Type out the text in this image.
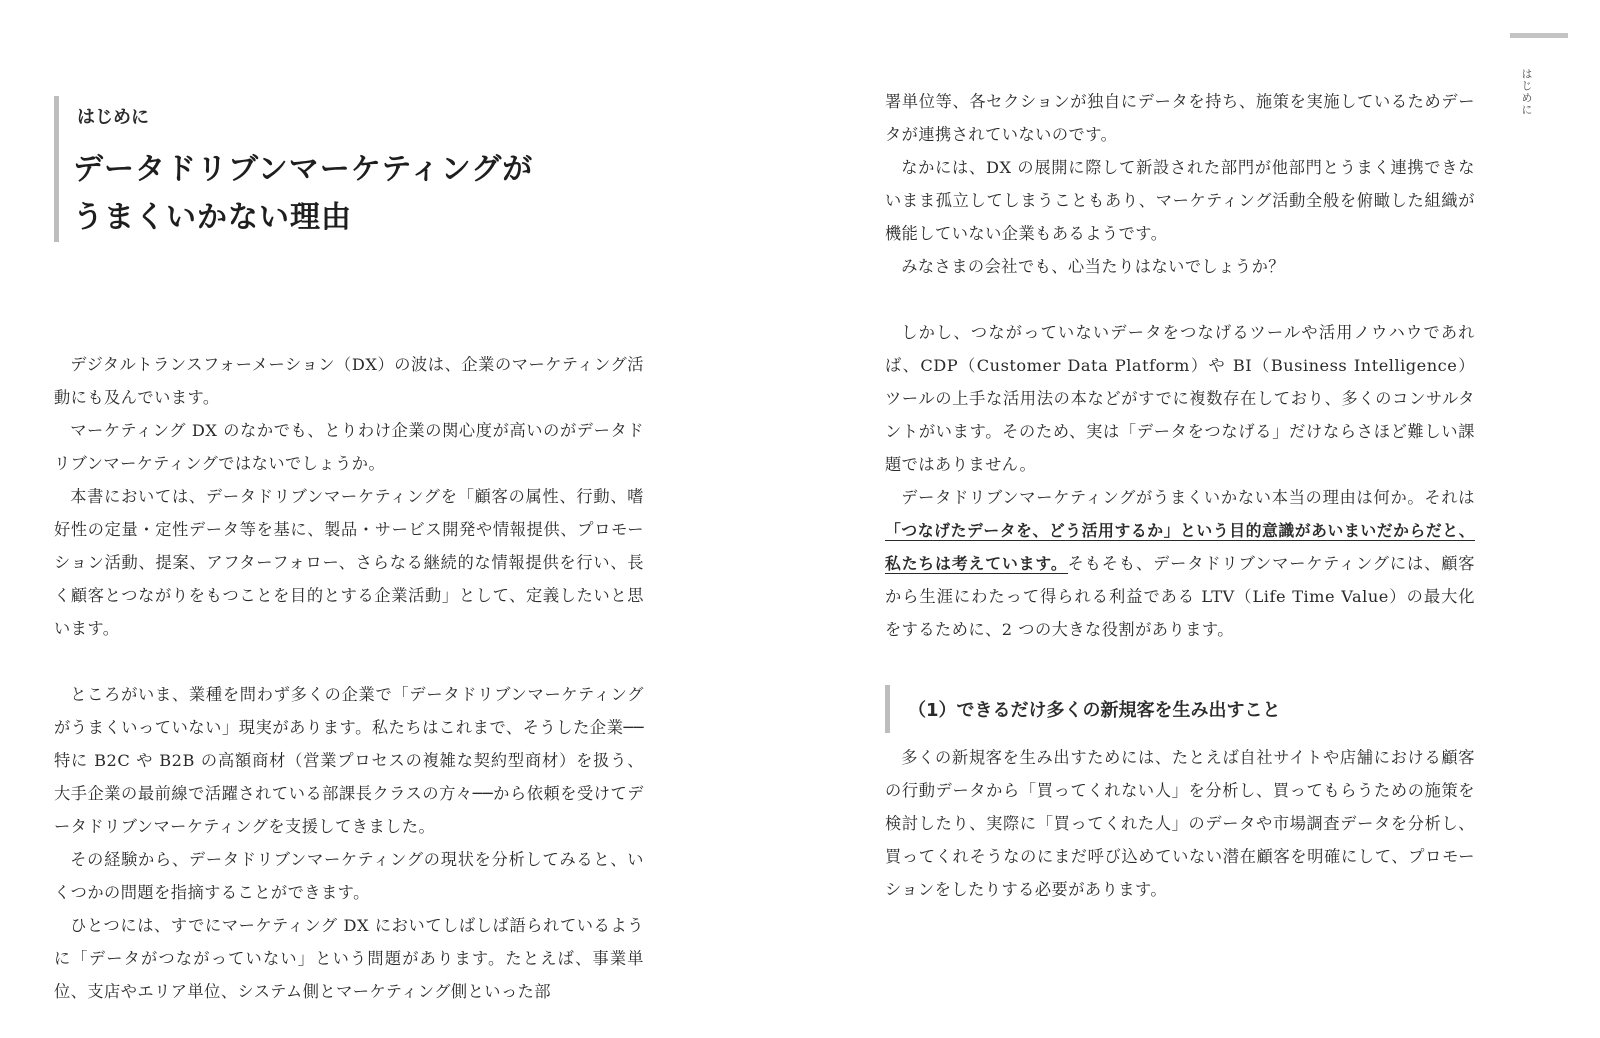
はじめに
データドリブンマーケティングが
うまくいかない理由

デジタルトランスフォーメーション（DX）の波は、企業のマーケティング活動にも及んでいます。

マーケティング DX のなかでも、とりわけ企業の関心度が高いのがデータドリブンマーケティングではないでしょうか。

本書においては、データドリブンマーケティングを「顧客の属性、行動、嗜好性の定量・定性データ等を基に、製品・サービス開発や情報提供、プロモーション活動、提案、アフターフォロー、さらなる継続的な情報提供を行い、長く顧客とつながりをもつことを目的とする企業活動」として、定義したいと思います。

ところがいま、業種を問わず多くの企業で「データドリブンマーケティングがうまくいっていない」現実があります。私たちはこれまで、そうした企業──特に B2C や B2B の高額商材（営業プロセスの複雑な契約型商材）を扱う、大手企業の最前線で活躍されている部課長クラスの方々──から依頼を受けてデータドリブンマーケティングを支援してきました。

その経験から、データドリブンマーケティングの現状を分析してみると、いくつかの問題を指摘することができます。

ひとつには、すでにマーケティング DX においてしばしば語られているように「データがつながっていない」という問題があります。たとえば、事業単位、支店やエリア単位、システム側とマーケティング側といった部

署単位等、各セクションが独自にデータを持ち、施策を実施しているためデータが連携されていないのです。

なかには、DX の展開に際して新設された部門が他部門とうまく連携できないまま孤立してしまうこともあり、マーケティング活動全般を俯瞰した組織が機能していない企業もあるようです。

みなさまの会社でも、心当たりはないでしょうか？

しかし、つながっていないデータをつなげるツールや活用ノウハウであれば、CDP（Customer Data Platform）や BI（Business Intelligence）ツールの上手な活用法の本などがすでに複数存在しており、多くのコンサルタントがいます。そのため、実は「データをつなげる」だけならさほど難しい課題ではありません。

データドリブンマーケティングがうまくいかない本当の理由は何か。それは「つなげたデータを、どう活用するか」という目的意識があいまいだからだと、私たちは考えています。そもそも、データドリブンマーケティングには、顧客から生涯にわたって得られる利益である LTV（Life Time Value）の最大化をするために、2 つの大きな役割があります。

（1）できるだけ多くの新規客を生み出すこと

多くの新規客を生み出すためには、たとえば自社サイトや店舗における顧客の行動データから「買ってくれない人」を分析し、買ってもらうための施策を検討したり、実際に「買ってくれた人」のデータや市場調査データを分析し、買ってくれそうなのにまだ呼び込めていない潜在顧客を明確にして、プロモーションをしたりする必要があります。

はじめに
